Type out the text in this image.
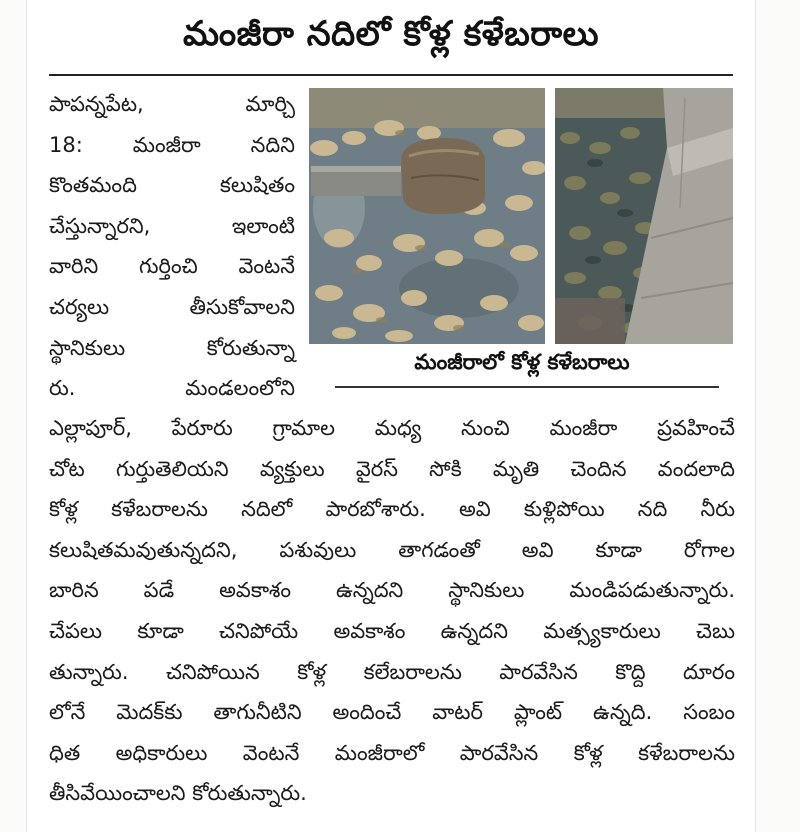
మంజీరా నదిలో కోళ్ల కళేబరాలు
పాపన్నపేట, మార్చి
18: మంజీరా నదిని
కొంతమంది కలుషితం
చేస్తున్నారని, ఇలాంటి
వారిని గుర్తించి వెంటనే
చర్యలు తీసుకోవాలని
స్థానికులు కోరుతున్నా
రు. మండలంలోని
మంజీరాలో కోళ్ల కళేబరాలు
ఎల్లాపూర్, పేరూరు గ్రామాల మధ్య నుంచి మంజీరా ప్రవహించే
చోట గుర్తుతెలియని వ్యక్తులు వైరస్ సోకి మృతి చెందిన వందలాది
కోళ్ల కళేబరాలను నదిలో పారబోశారు. అవి కుళ్లిపోయి నది నీరు
కలుషితమవుతున్నదని, పశువులు తాగడంతో అవి కూడా రోగాల
బారిన పడే అవకాశం ఉన్నదని స్థానికులు మండిపడుతున్నారు.
చేపలు కూడా చనిపోయే అవకాశం ఉన్నదని మత్స్యకారులు చెబు
తున్నారు. చనిపోయిన కోళ్ల కలేబరాలను పారవేసిన కొద్ది దూరం
లోనే మెదక్‌కు తాగునీటిని అందించే వాటర్ ప్లాంట్ ఉన్నది. సంబం
ధిత అధికారులు వెంటనే మంజీరాలో పారవేసిన కోళ్ల కళేబరాలను
తీసివేయించాలని కోరుతున్నారు.
